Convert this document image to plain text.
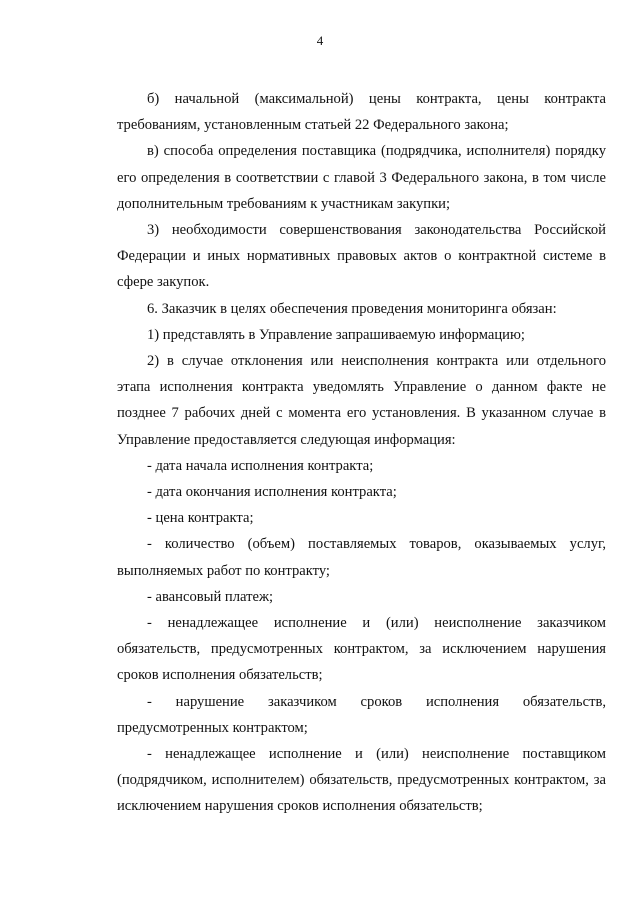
4

б) начальной (максимальной) цены контракта, цены контракта
требованиям, установленным статьей 22 Федерального закона;

в) способа определения поставщика (подрядчика, исполнителя) порядку
его определения в соответствии с главой 3 Федерального закона, в том числе
дополнительным требованиям к участникам закупки;

3) необходимости совершенствования законодательства Российской
Федерации и иных нормативных правовых актов о контрактной системе в
сфере закупок.

6. Заказчик в целях обеспечения проведения мониторинга обязан:

1) представлять в Управление запрашиваемую информацию;

2) в случае отклонения или неисполнения контракта или отдельного
этапа исполнения контракта уведомлять Управление о данном факте не
позднее 7 рабочих дней с момента его установления. В указанном случае в
Управление предоставляется следующая информация:

- дата начала исполнения контракта;

- дата окончания исполнения контракта;

- цена контракта;

- количество (объем) поставляемых товаров, оказываемых услуг,
выполняемых работ по контракту;

- авансовый платеж;

- ненадлежащее исполнение и (или) неисполнение заказчиком
обязательств, предусмотренных контрактом, за исключением нарушения
сроков исполнения обязательств;

- нарушение заказчиком сроков исполнения обязательств,
предусмотренных контрактом;

- ненадлежащее исполнение и (или) неисполнение поставщиком
(подрядчиком, исполнителем) обязательств, предусмотренных контрактом, за
исключением нарушения сроков исполнения обязательств;
